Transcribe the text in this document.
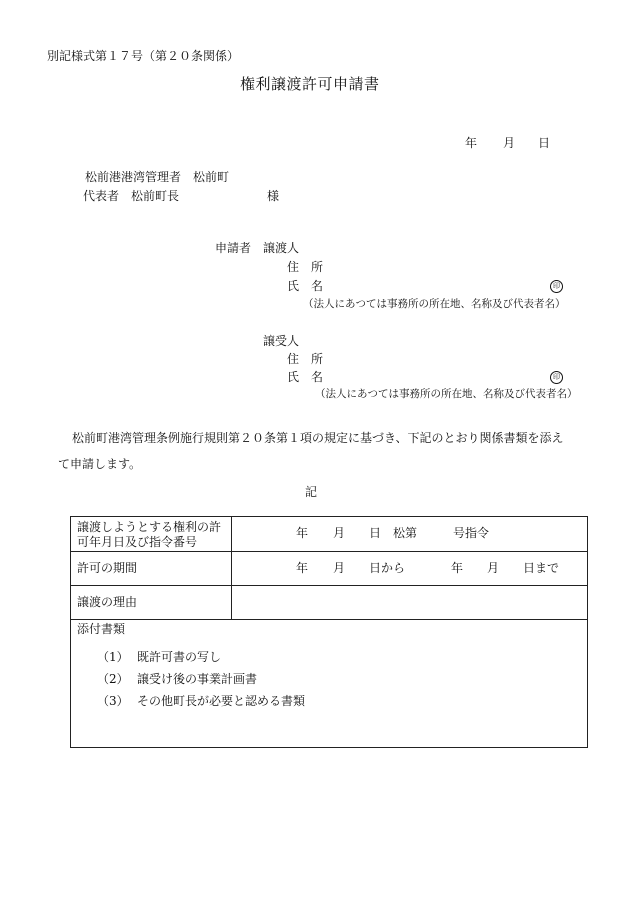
別記様式第１７号（第２０条関係）
権利譲渡許可申請書
年 月 日
松前港港湾管理者　松前町
代表者　松前町長	様
申請者 譲渡人
住　所
氏　名	印
（法人にあつては事務所の所在地、名称及び代表者名）
譲受人
住　所
氏　名	印
（法人にあつては事務所の所在地、名称及び代表者名）
松前町港湾管理条例施行規則第２０条第１項の規定に基づき、下記のとおり関係書類を添え
て申請します。
記
譲渡しようとする権利の許
可年月日及び指令番号
年 月 日 松第	号指令
許可の期間	年 月 日から	年 月 日まで
譲渡の理由
添付書類
（1） 既許可書の写し
（2） 譲受け後の事業計画書
（3） その他町長が必要と認める書類
